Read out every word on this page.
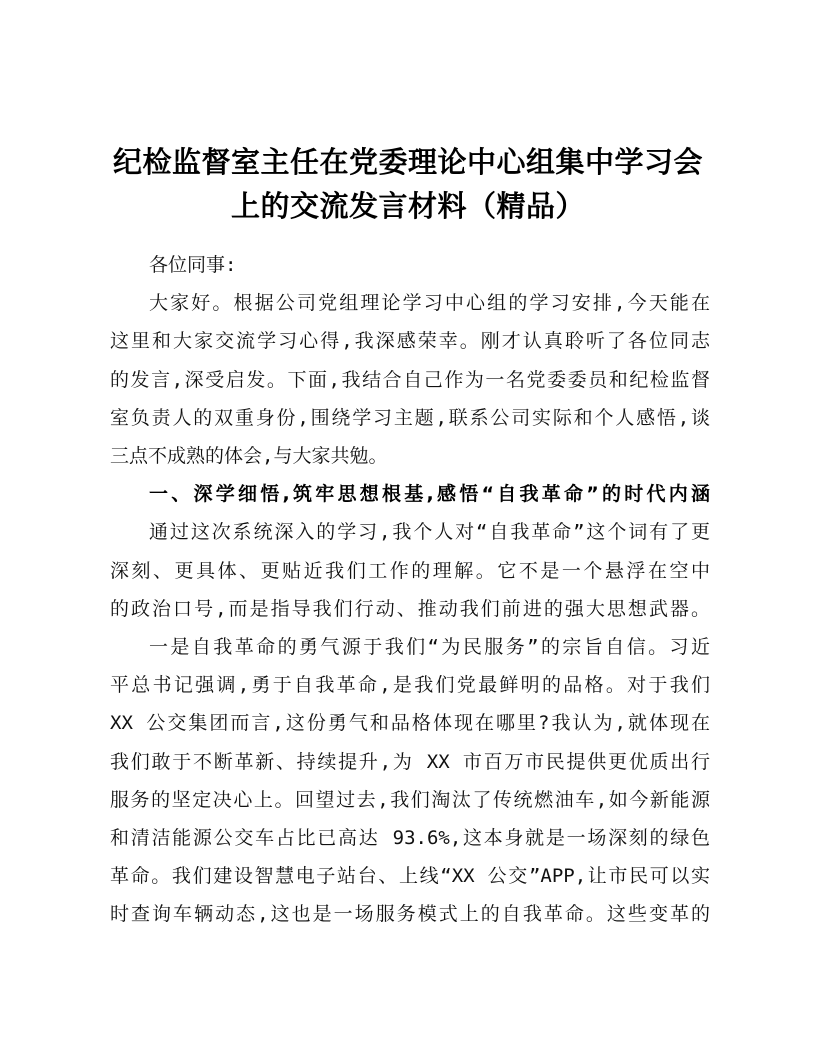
纪检监督室主任在党委理论中心组集中学习会
上的交流发言材料（精品）

各位同事:

大家好。根据公司党组理论学习中心组的学习安排,今天能在

这里和大家交流学习心得,我深感荣幸。刚才认真聆听了各位同志

的发言,深受启发。下面,我结合自己作为一名党委委员和纪检监督

室负责人的双重身份,围绕学习主题,联系公司实际和个人感悟,谈

三点不成熟的体会,与大家共勉。

一、深学细悟,筑牢思想根基,感悟“自我革命”的时代内涵

通过这次系统深入的学习,我个人对“自我革命”这个词有了更

深刻、更具体、更贴近我们工作的理解。它不是一个悬浮在空中

的政治口号,而是指导我们行动、推动我们前进的强大思想武器。

一是自我革命的勇气源于我们“为民服务”的宗旨自信。习近

平总书记强调,勇于自我革命,是我们党最鲜明的品格。对于我们

XX 公交集团而言,这份勇气和品格体现在哪里?我认为,就体现在

我们敢于不断革新、持续提升,为 XX 市百万市民提供更优质出行

服务的坚定决心上。回望过去,我们淘汰了传统燃油车,如今新能源

和清洁能源公交车占比已高达 93.6%,这本身就是一场深刻的绿色

革命。我们建设智慧电子站台、上线“XX 公交”APP,让市民可以实

时查询车辆动态,这也是一场服务模式上的自我革命。这些变革的
